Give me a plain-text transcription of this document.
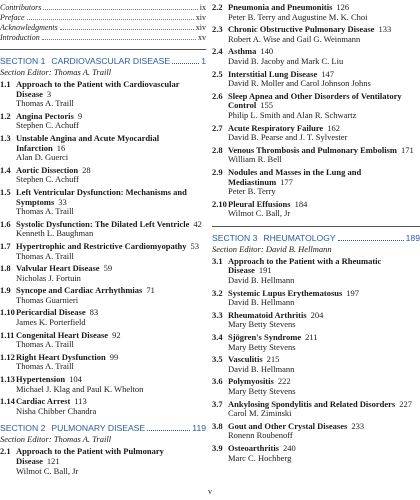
Contributors	ix
Preface	xiv
Acknowledgments	xiv
Introduction	xv
SECTION 1 CARDIOVASCULAR DISEASE	1
Section Editor: Thomas A. Traill
1.1 Approach to the Patient with Cardiovascular Disease 3
Thomas A. Traill
1.2 Angina Pectoris 9
Stephen C. Achuff
1.3 Unstable Angina and Acute Myocardial Infarction 16
Alan D. Guerci
1.4 Aortic Dissection 28
Stephen C. Achuff
1.5 Left Ventricular Dysfunction: Mechanisms and Symptoms 33
Thomas A. Traill
1.6 Systolic Dysfunction: The Dilated Left Ventricle 42
Kenneth L. Baughman
1.7 Hypertrophic and Restrictive Cardiomyopathy 53
Thomas A. Traill
1.8 Valvular Heart Disease 59
Nicholas J. Fortuin
1.9 Syncope and Cardiac Arrhythmias 71
Thomas Guarnieri
1.10 Pericardial Disease 83
James K. Porterfield
1.11 Congenital Heart Disease 92
Thomas A. Traill
1.12 Right Heart Dysfunction 99
Thomas A. Traill
1.13 Hypertension 104
Michael J. Klag and Paul K. Whelton
1.14 Cardiac Arrest 113
Nisha Chibber Chandra
SECTION 2 PULMONARY DISEASE	119
Section Editor: Thomas A. Traill
2.1 Approach to the Patient with Pulmonary Disease 121
Wilmot C. Ball, Jr
2.2 Pneumonia and Pneumonitis 126
Peter B. Terry and Augustine M. K. Choi
2.3 Chronic Obstructive Pulmonary Disease 133
Robert A. Wise and Gail G. Weinmann
2.4 Asthma 140
David B. Jacoby and Mark C. Liu
2.5 Interstitial Lung Disease 147
David R. Moller and Carol Johnson Johns
2.6 Sleep Apnea and Other Disorders of Ventilatory Control 155
Philip L. Smith and Alan R. Schwartz
2.7 Acute Respiratory Failure 162
David B. Pearse and J. T. Sylvester
2.8 Venous Thrombosis and Pulmonary Embolism 171
William R. Bell
2.9 Nodules and Masses in the Lung and Mediastinum 177
Peter B. Terry
2.10 Pleural Effusions 184
Wilmot C. Ball, Jr
SECTION 3 RHEUMATOLOGY	189
Section Editor: David B. Hellmann
3.1 Approach to the Patient with a Rheumatic Disease 191
David B. Hellmann
3.2 Systemic Lupus Erythematosus 197
David B. Hellmann
3.3 Rheumatoid Arthritis 204
Mary Betty Stevens
3.4 Sjögren's Syndrome 211
Mary Betty Stevens
3.5 Vasculitis 215
David B. Hellmann
3.6 Polymyositis 222
Mary Betty Stevens
3.7 Ankylosing Spondylitis and Related Disorders 227
Carol M. Ziminski
3.8 Gout and Other Crystal Diseases 233
Ronenn Roubenoff
3.9 Osteoarthritis 240
Marc C. Hochberg
v
